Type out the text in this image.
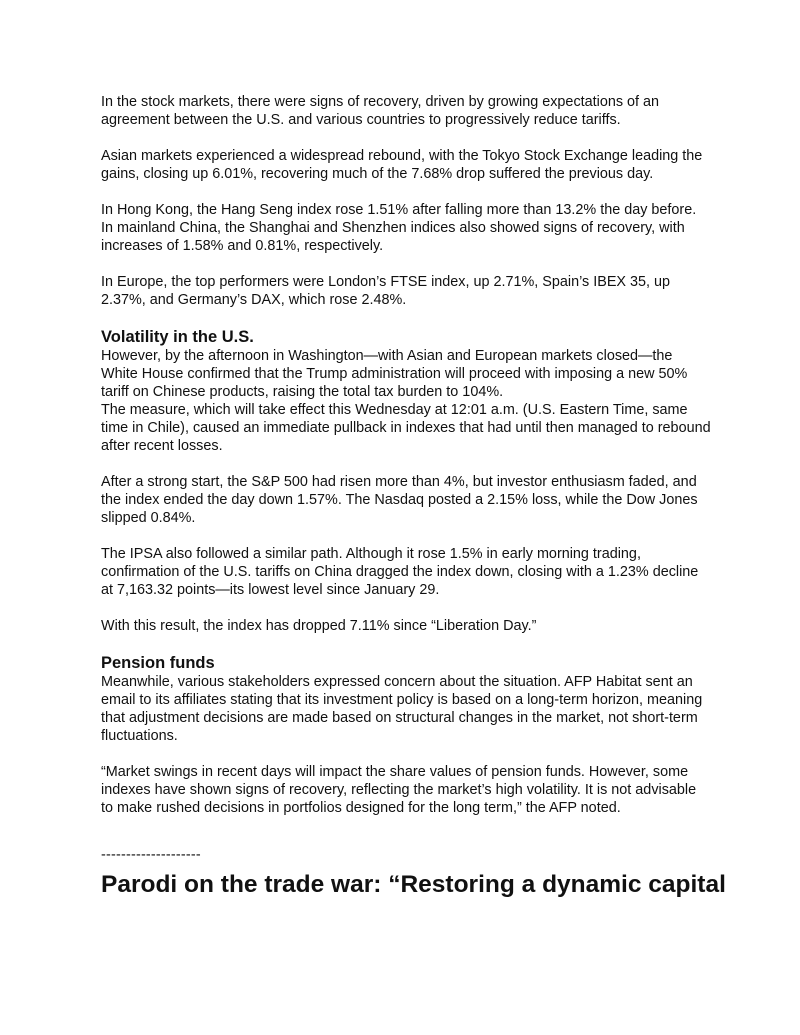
In the stock markets, there were signs of recovery, driven by growing expectations of an agreement between the U.S. and various countries to progressively reduce tariffs.

Asian markets experienced a widespread rebound, with the Tokyo Stock Exchange leading the gains, closing up 6.01%, recovering much of the 7.68% drop suffered the previous day.

In Hong Kong, the Hang Seng index rose 1.51% after falling more than 13.2% the day before. In mainland China, the Shanghai and Shenzhen indices also showed signs of recovery, with increases of 1.58% and 0.81%, respectively.

In Europe, the top performers were London’s FTSE index, up 2.71%, Spain’s IBEX 35, up 2.37%, and Germany’s DAX, which rose 2.48%.

Volatility in the U.S.

However, by the afternoon in Washington—with Asian and European markets closed—the White House confirmed that the Trump administration will proceed with imposing a new 50% tariff on Chinese products, raising the total tax burden to 104%.

The measure, which will take effect this Wednesday at 12:01 a.m. (U.S. Eastern Time, same time in Chile), caused an immediate pullback in indexes that had until then managed to rebound after recent losses.

After a strong start, the S&P 500 had risen more than 4%, but investor enthusiasm faded, and the index ended the day down 1.57%. The Nasdaq posted a 2.15% loss, while the Dow Jones slipped 0.84%.

The IPSA also followed a similar path. Although it rose 1.5% in early morning trading, confirmation of the U.S. tariffs on China dragged the index down, closing with a 1.23% decline at 7,163.32 points—its lowest level since January 29.

With this result, the index has dropped 7.11% since “Liberation Day.”

Pension funds

Meanwhile, various stakeholders expressed concern about the situation. AFP Habitat sent an email to its affiliates stating that its investment policy is based on a long-term horizon, meaning that adjustment decisions are made based on structural changes in the market, not short-term fluctuations.

“Market swings in recent days will impact the share values of pension funds. However, some indexes have shown signs of recovery, reflecting the market’s high volatility. It is not advisable to make rushed decisions in portfolios designed for the long term,” the AFP noted.

--------------------
Parodi on the trade war: “Restoring a dynamic capital
